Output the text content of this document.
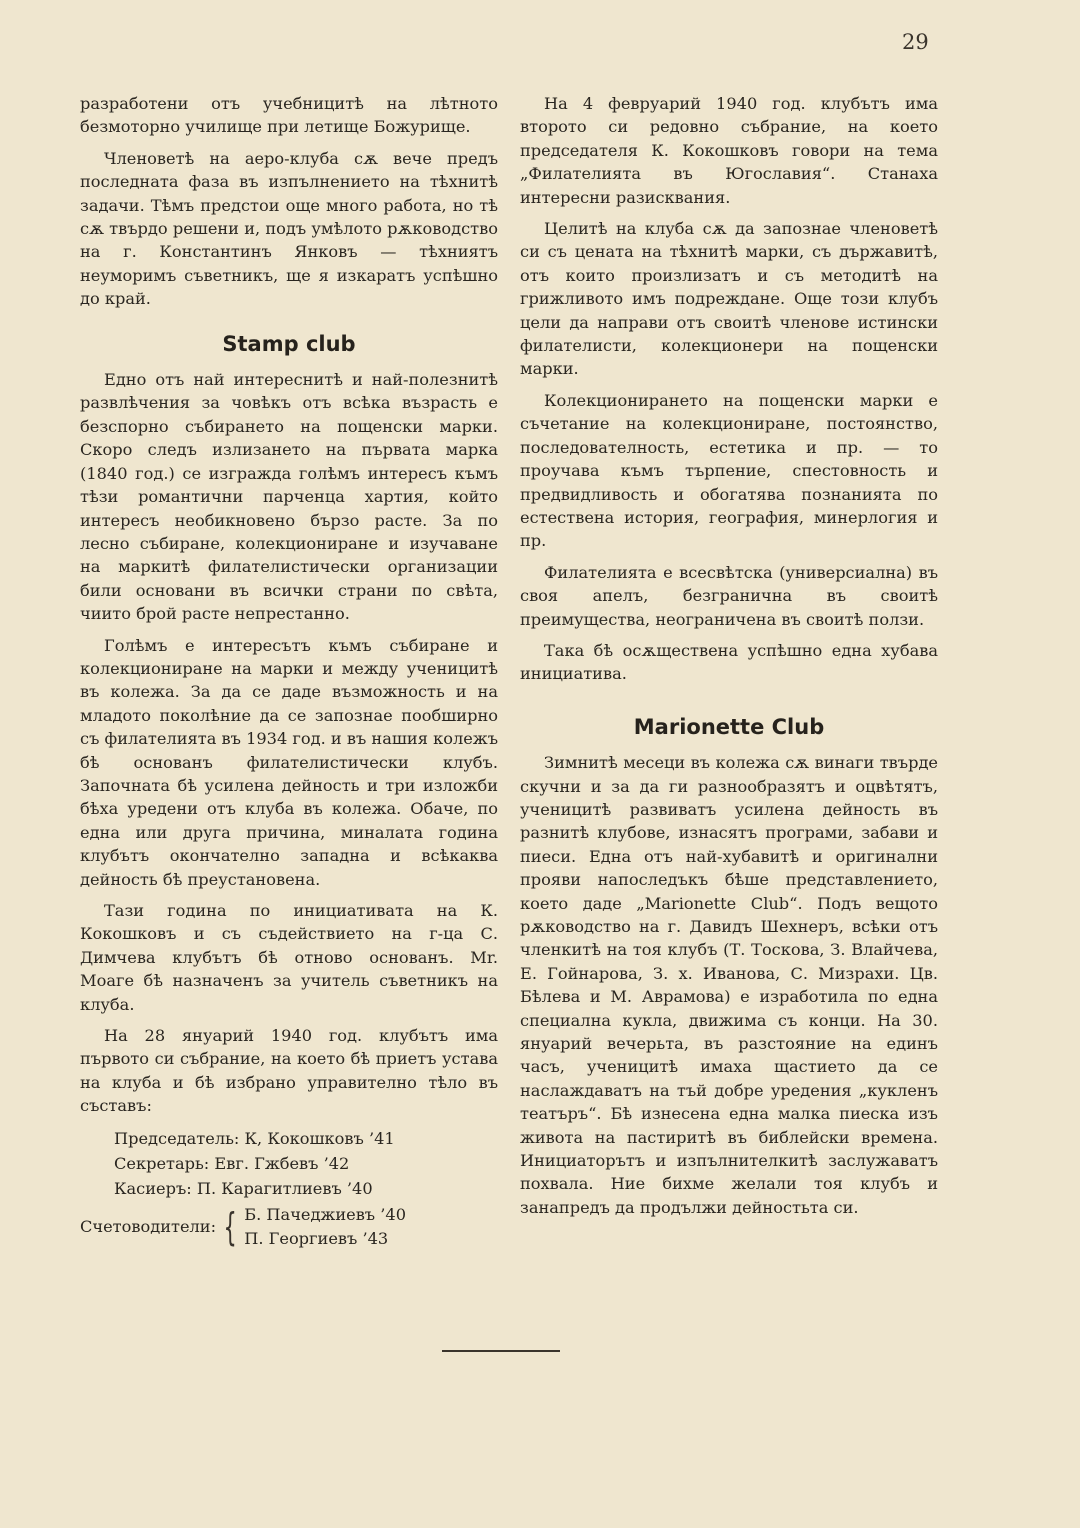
29

разработени отъ учебницитѣ на лѣтното безмоторно училище при летище Божурище.

Членоветѣ на аеро-клуба сѫ вече предъ последната фаза въ изпълнението на тѣхнитѣ задачи. Тѣмъ предстои още много работа, но тѣ сѫ твърдо решени и, подъ умѣлото рѫководство на г. Константинъ Янковъ — тѣхниятъ неуморимъ съветникъ, ще я изкаратъ успѣшно до край.

Stamp club

Едно отъ най интереснитѣ и най-полезнитѣ развлѣчения за човѣкъ отъ всѣка възрасть е безспорно събирането на пощенски марки. Скоро следъ излизането на първата марка (1840 год.) се изгражда голѣмъ интересъ къмъ тѣзи романтични парченца хартия, който интересъ необикновено бързо расте. За по лесно събиране, колекциониране и изучаване на маркитѣ филателистически организации били основани въ всички страни по свѣта, чиито брой расте непрестанно.

Голѣмъ е интересътъ къмъ събиране и колекциониране на марки и между ученицитѣ въ колежа. За да се даде възможность и на младото поколѣние да се запознае пообширно съ филателията въ 1934 год. и въ нашия колежъ бѣ основанъ филателистически клубъ. Започната бѣ усилена дейность и три изложби бѣха уредени отъ клуба въ колежа. Обаче, по една или друга причина, миналата година клубътъ окончателно западна и всѣкаква дейность бѣ преустановена.

Тази година по инициативата на К. Кокошковъ и съ съдействието на г-ца С. Димчева клубътъ бѣ отново основанъ. Mr. Moaге бѣ назначенъ за учитель съветникъ на клуба.

На 28 януарий 1940 год. клубътъ има първото си събрание, на което бѣ приетъ устава на клуба и бѣ избрано управително тѣло въ съставъ:

Председатель: К, Кокошковъ ’41
Секретарь: Евг. Гжбевъ ’42
Касиеръ: П. Карагитлиевъ ’40
Счетоводители: { Б. Пачеджиевъ ’40
П. Георгиевъ ’43

На 4 февруарий 1940 год. клубътъ има второто си редовно събрание, на което председателя К. Кокошковъ говори на тема „Филателията въ Югославия“. Станаха интересни разисквания.

Целитѣ на клуба сѫ да запознае членоветѣ си съ цената на тѣхнитѣ марки, съ държавитѣ, отъ които произлизатъ и съ методитѣ на грижливото имъ подреждане. Още този клубъ цели да направи отъ своитѣ членове истински филателисти, колекционери на пощенски марки.

Колекционирането на пощенски марки е съчетание на колекциониране, постоянство, последователность, естетика и пр. — то проучава къмъ търпение, спестовность и предвидливость и обогатява познанията по естествена история, география, минерлогия и пр.

Филателията е всесвѣтска (универсиална) въ своя апелъ, безгранична въ своитѣ преимущества, неограничена въ своитѣ ползи.

Така бѣ осѫществена успѣшно една хубава инициатива.

Marionette Club

Зимнитѣ месеци въ колежа сѫ винаги твърде скучни и за да ги разнообразятъ и оцвѣтятъ, ученицитѣ развиватъ усилена дейность въ разнитѣ клубове, изнасятъ програми, забави и пиеси. Една отъ най-хубавитѣ и оригинални прояви напоследъкъ бѣше представлението, което даде „Marionette Club“. Подъ вещото рѫководство на г. Давидъ Шехнеръ, всѣки отъ членкитѣ на тоя клубъ (Т. Тоскова, З. Влайчева, Е. Гойнарова, З. х. Иванова, С. Мизрахи. Цв. Бѣлева и М. Аврамова) е изработила по една специална кукла, движима съ конци. На 30. януарий вечерьта, въ разстояние на единъ часъ, ученицитѣ имаха щастието да се наслаждаватъ на тъй добре уредения „кукленъ театъръ“. Бѣ изнесена една малка пиеска изъ живота на пастиритѣ въ библейски времена. Инициаторътъ и изпълнителкитѣ заслужаватъ похвала. Ние бихме желали тоя клубъ и занапредъ да продължи дейностьта си.
